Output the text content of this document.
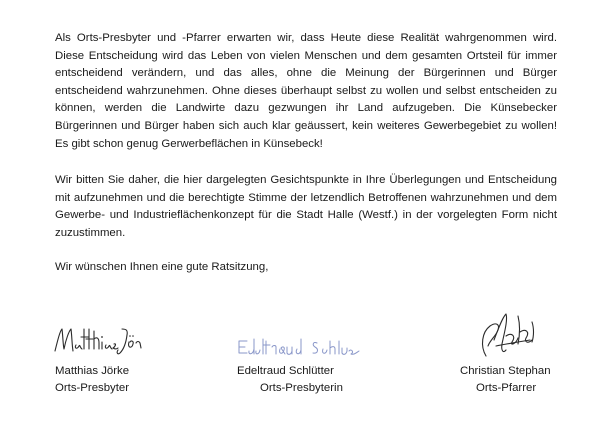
Als Orts-Presbyter und -Pfarrer erwarten wir, dass Heute diese Realität wahrgenommen wird. Diese Entscheidung wird das Leben von vielen Menschen und dem gesamten Ortsteil für immer entscheidend verändern, und das alles, ohne die Meinung der Bürgerinnen und Bürger entscheidend wahrzunehmen. Ohne dieses überhaupt selbst zu wollen und selbst entscheiden zu können, werden die Landwirte dazu gezwungen ihr Land aufzugeben. Die Künsebecker Bürgerinnen und Bürger haben sich auch klar geäussert, kein weiteres Gewerbegebiet zu wollen! Es gibt schon genug Gerwerbeflächen in Künsebeck!

Wir bitten Sie daher, die hier dargelegten Gesichtspunkte in Ihre Überlegungen und Entscheidung mit aufzunehmen und die berechtigte Stimme der letzendlich Betroffenen wahrzunehmen und dem Gewerbe- und Industrieflächenkonzept für die Stadt Halle (Westf.) in der vorgelegten Form nicht zuzustimmen.

Wir wünschen Ihnen eine gute Ratsitzung,

Matthias Jörke
Orts-Presbyter
Edeltraud Schlütter
Orts-Presbyterin
Christian Stephan
Orts-Pfarrer
